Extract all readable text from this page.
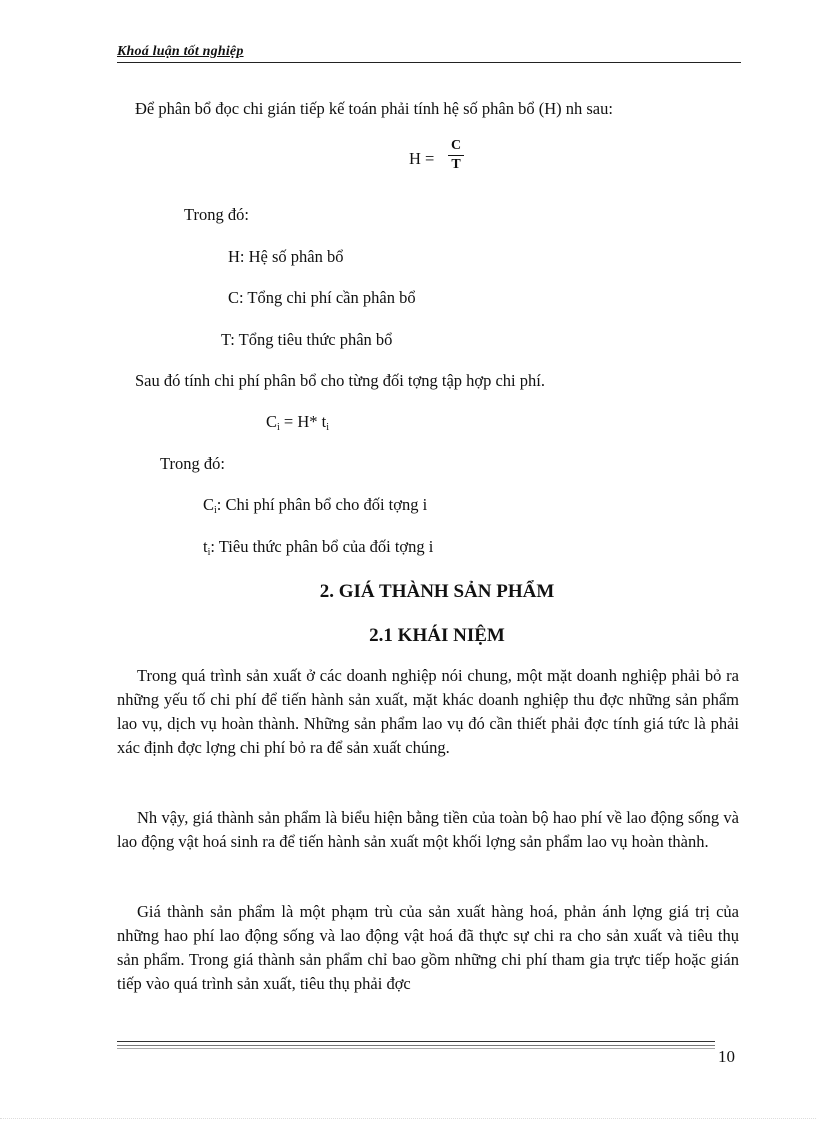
Khoá luận tốt nghiệp
Để phân bổ đọc chi gián tiếp kế toán phải tính hệ số phân bổ (H) nh sau:
H =
C
T
Trong đó:
H: Hệ số phân bổ
C: Tổng chi phí cần phân bổ
T: Tổng tiêu thức phân bổ
Sau đó tính chi phí phân bổ cho từng đối tợng tập hợp chi phí.
$C_i = H*$ $t_i$
Trong đó:
$C_i$: Chi phí phân bổ cho đối tợng i
$t_i$: Tiêu thức phân bổ của đối tợng i
2. GIÁ THÀNH SẢN PHẨM
2.1 KHÁI NIỆM
Trong quá trình sản xuất ở các doanh nghiệp nói chung, một mặt doanh nghiệp phải bỏ ra những yếu tố chi phí để tiến hành sản xuất, mặt khác doanh nghiệp thu đợc những sản phẩm lao vụ, dịch vụ hoàn thành. Những sản phẩm lao vụ đó cần thiết phải đợc tính giá tức là phải xác định đợc lợng chi phí bỏ ra để sản xuất chúng.
Nh vậy, giá thành sản phẩm là biểu hiện bằng tiền của toàn bộ hao phí về lao động sống và lao động vật hoá sinh ra để tiến hành sản xuất một khối lợng sản phẩm lao vụ hoàn thành.
Giá thành sản phẩm là một phạm trù của sản xuất hàng hoá, phản ánh lợng giá trị của những hao phí lao động sống và lao động vật hoá đã thực sự chi ra cho sản xuất và tiêu thụ sản phẩm. Trong giá thành sản phẩm chỉ bao gồm những chi phí tham gia trực tiếp hoặc gián tiếp vào quá trình sản xuất, tiêu thụ phải đợc
10
